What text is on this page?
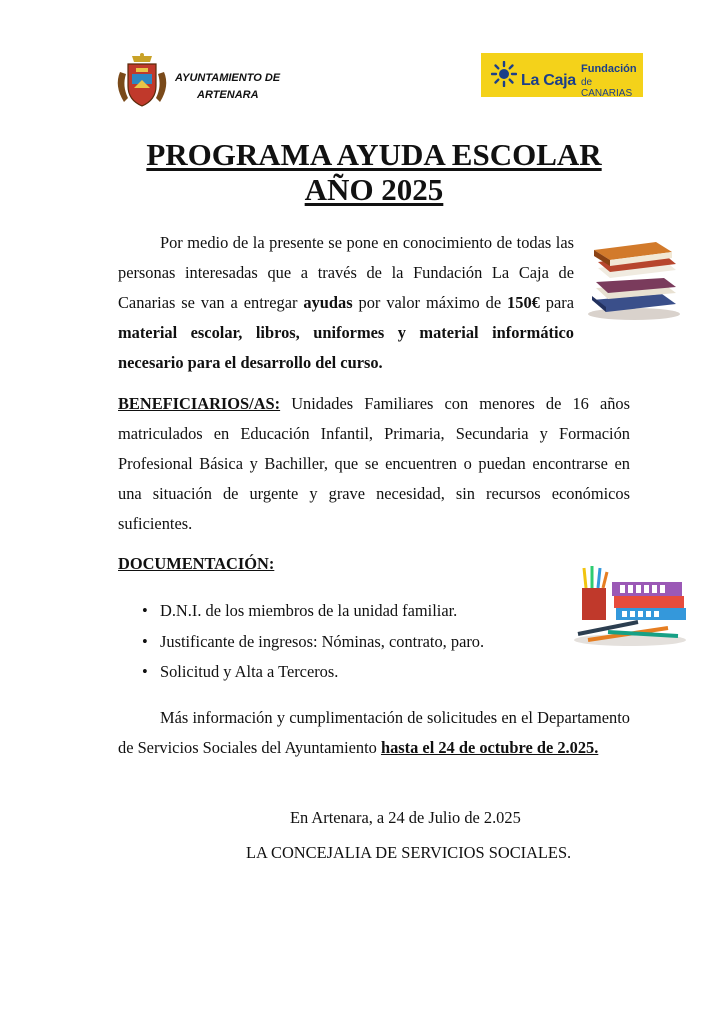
AYUNTAMIENTO DE
ARTENARA
La Caja
Fundación
de CANARIAS
PROGRAMA AYUDA ESCOLAR
AÑO 2025
Por medio de la presente se pone en conocimiento de todas las personas interesadas que a través de la Fundación La Caja de Canarias se van a entregar ayudas por valor máximo de 150€ para material escolar, libros, uniformes y material informático necesario para el desarrollo del curso.
BENEFICIARIOS/AS: Unidades Familiares con menores de 16 años matriculados en Educación Infantil, Primaria, Secundaria y Formación Profesional Básica y Bachiller, que se encuentren o puedan encontrarse en una situación de urgente y grave necesidad, sin recursos económicos suficientes.
DOCUMENTACIÓN:
• D.N.I. de los miembros de la unidad familiar.
• Justificante de ingresos: Nóminas, contrato, paro.
• Solicitud y Alta a Terceros.
Más información y cumplimentación de solicitudes en el Departamento de Servicios Sociales del Ayuntamiento hasta el 24 de octubre de 2.025.
En Artenara, a 24 de Julio de 2.025
LA CONCEJALIA DE SERVICIOS SOCIALES.
